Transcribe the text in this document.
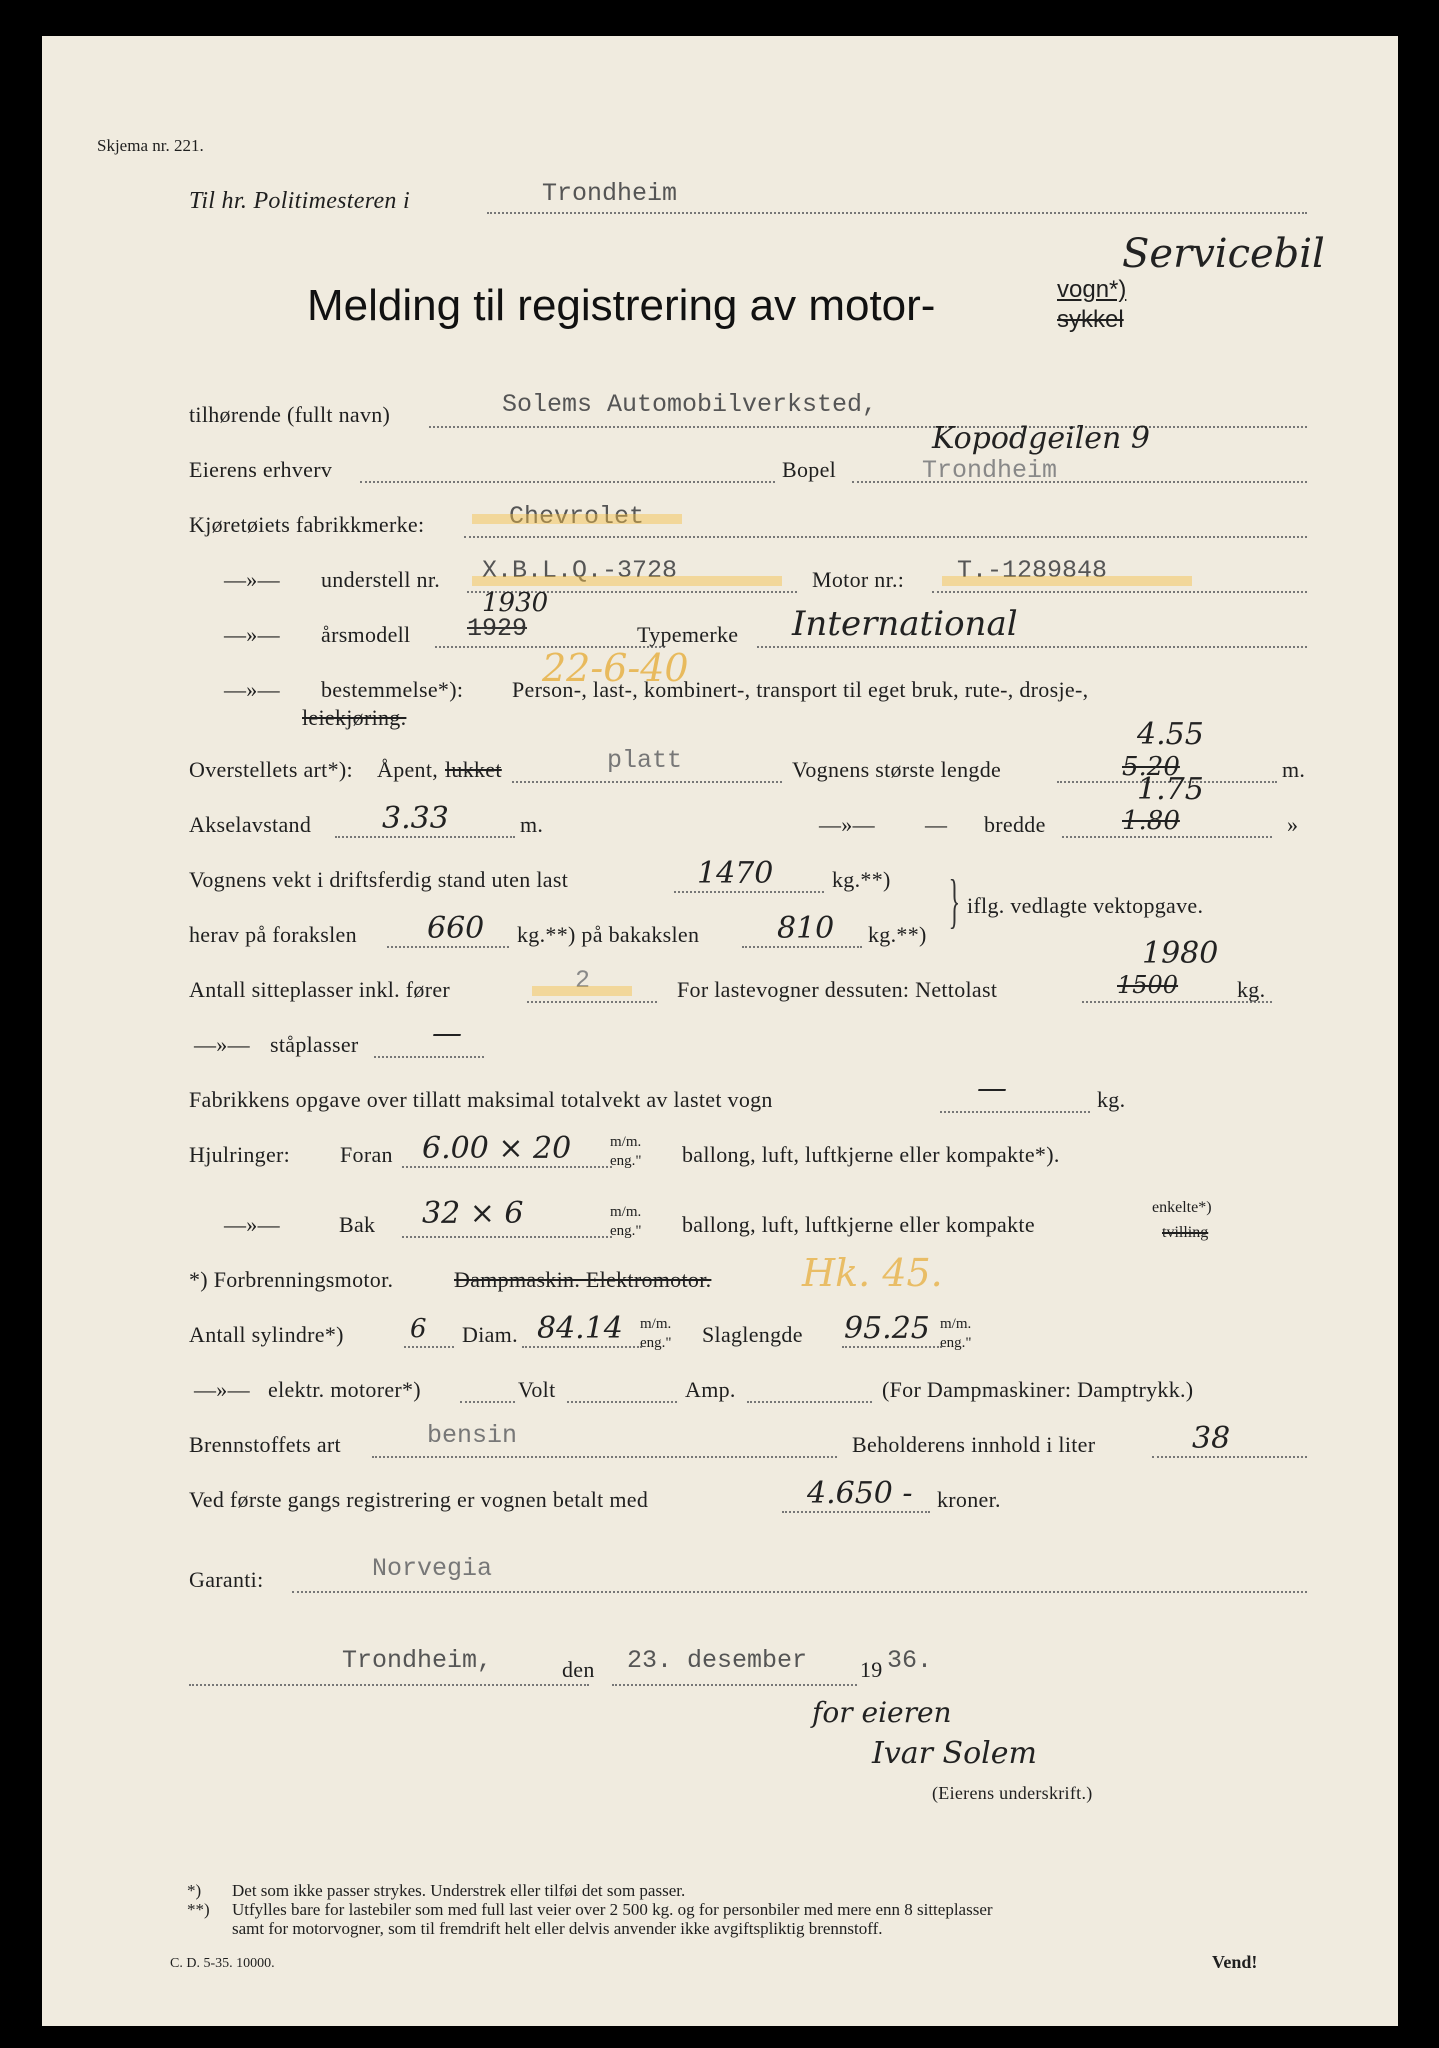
Skjema nr. 221.
Til hr. Politimesteren i	Trondheim
Melding til registrering av motor-	vogn*)
sykkel
Servicebil
tilhørende (fullt navn)	Solems Automobilverksted,
Eierens erhverv	Bopel
Kopodgeilen 9
Trondheim
Kjøretøiets fabrikkmerke:	Chevrolet
—»— understell nr. X.B.L.Q.-3728	Motor nr.: T.-1289848
—»— årsmodell 1929
1930
Typemerke International
22-6-40
—»— bestemmelse*): Person-, last-, kombinert-, transport til eget bruk, rute-, drosje-,
leiekjøring.
Overstellets art*): Åpent, lukket	platt	Vognens største lengde	5.20
4.55
m.
Akselavstand 3.33	m.	—»— — bredde	1.80
1.75
»
Vognens vekt i driftsferdig stand uten last	1470	kg.**) } iflg. vedlagte vektopgave.
herav på forakslen 660 kg.**) på bakakslen	810 kg.**)
Antall sitteplasser inkl. fører	2	For lastevogner dessuten: Nettolast	1500
1980
kg.
—»— ståplasser —
Fabrikkens opgave over tillatt maksimal totalvekt av lastet vogn	—	kg.
Hjulringer: Foran 6.00 × 20	m/m.
eng." ballong, luft, luftkjerne eller kompakte*).
—»—	Bak 32 × 6	m/m.
eng." ballong, luft, luftkjerne eller kompakte
enkelte*)
tvilling
*) Forbrenningsmotor.	Dampmaskin. Elektromotor. Hk. 45.
Antall sylindre*)	6 Diam. 84.14 m/m.
eng." Slaglengde 95.25 m/m.
eng."
—»— elektr. motorer*)	Volt	Amp.	(For Dampmaskiner: Damptrykk.)
Brennstoffets art	bensin	Beholderens innhold i liter	38
Ved første gangs registrering er vognen betalt med	4.650 - kroner.
Garanti:	Norvegia
Trondheim,	den 23. desember 19 36.
for eieren
Ivar Solem
(Eierens underskrift.)
*) Det som ikke passer strykes. Understrek eller tilføi det som passer.
**) Utfylles bare for lastebiler som med full last veier over 2 500 kg. og for personbiler med mere enn 8 sitteplasser
samt for motorvogner, som til fremdrift helt eller delvis anvender ikke avgiftspliktig brennstoff.
C. D. 5-35. 10000.	Vend!
